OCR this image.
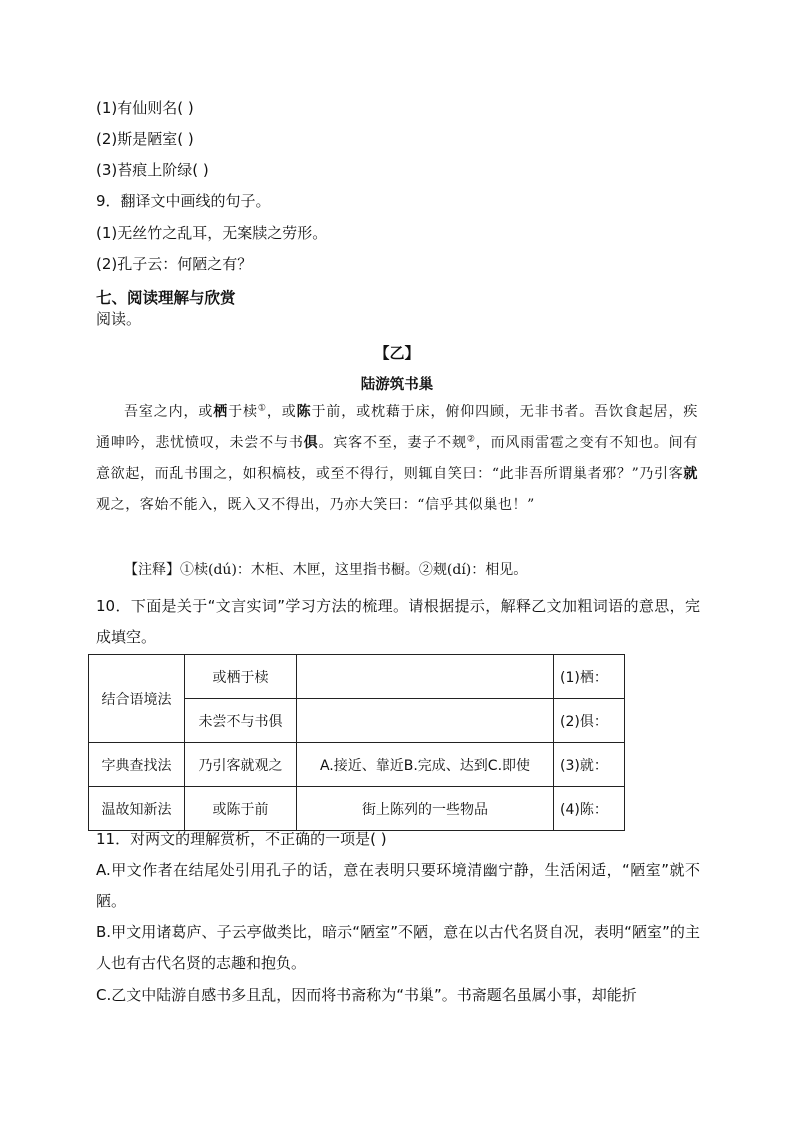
(1)有仙则名( )

(2)斯是陋室( )

(3)苔痕上阶绿( )

9．翻译文中画线的句子。

(1)无丝竹之乱耳，无案牍之劳形。

(2)孔子云：何陋之有？

七、阅读理解与欣赏

阅读。

【乙】

陆游筑书巢

吾室之内，或栖于椟①，或陈于前，或枕藉于床，俯仰四顾，无非书者。吾饮食起居，疾通呻吟，悲忧愤叹，未尝不与书俱。宾客不至，妻子不觌②，而风雨雷雹之变有不知也。间有意欲起，而乱书围之，如积槁枝，或至不得行，则辄自笑曰：“此非吾所谓巢者邪？”乃引客就观之，客始不能入，既入又不得出，乃亦大笑曰：“信乎其似巢也！”

【注释】①椟(dú)：木柜、木匣，这里指书橱。②觌(dí)：相见。

10．下面是关于“文言实词”学习方法的梳理。请根据提示，解释乙文加粗词语的意思，完成填空。

结合语境法	或栖于椟		(1)栖：
	未尝不与书俱		(2)俱：
字典查找法	乃引客就观之	A.接近、靠近B.完成、达到C.即使	(3)就：
温故知新法	或陈于前	街上陈列的一些物品	(4)陈：

11．对两文的理解赏析，不正确的一项是( )

A.甲文作者在结尾处引用孔子的话，意在表明只要环境清幽宁静，生活闲适，“陋室”就不陋。

B.甲文用诸葛庐、子云亭做类比，暗示“陋室”不陋，意在以古代名贤自况，表明“陋室”的主人也有古代名贤的志趣和抱负。

C.乙文中陆游自感书多且乱，因而将书斋称为“书巢”。书斋题名虽属小事，却能折
